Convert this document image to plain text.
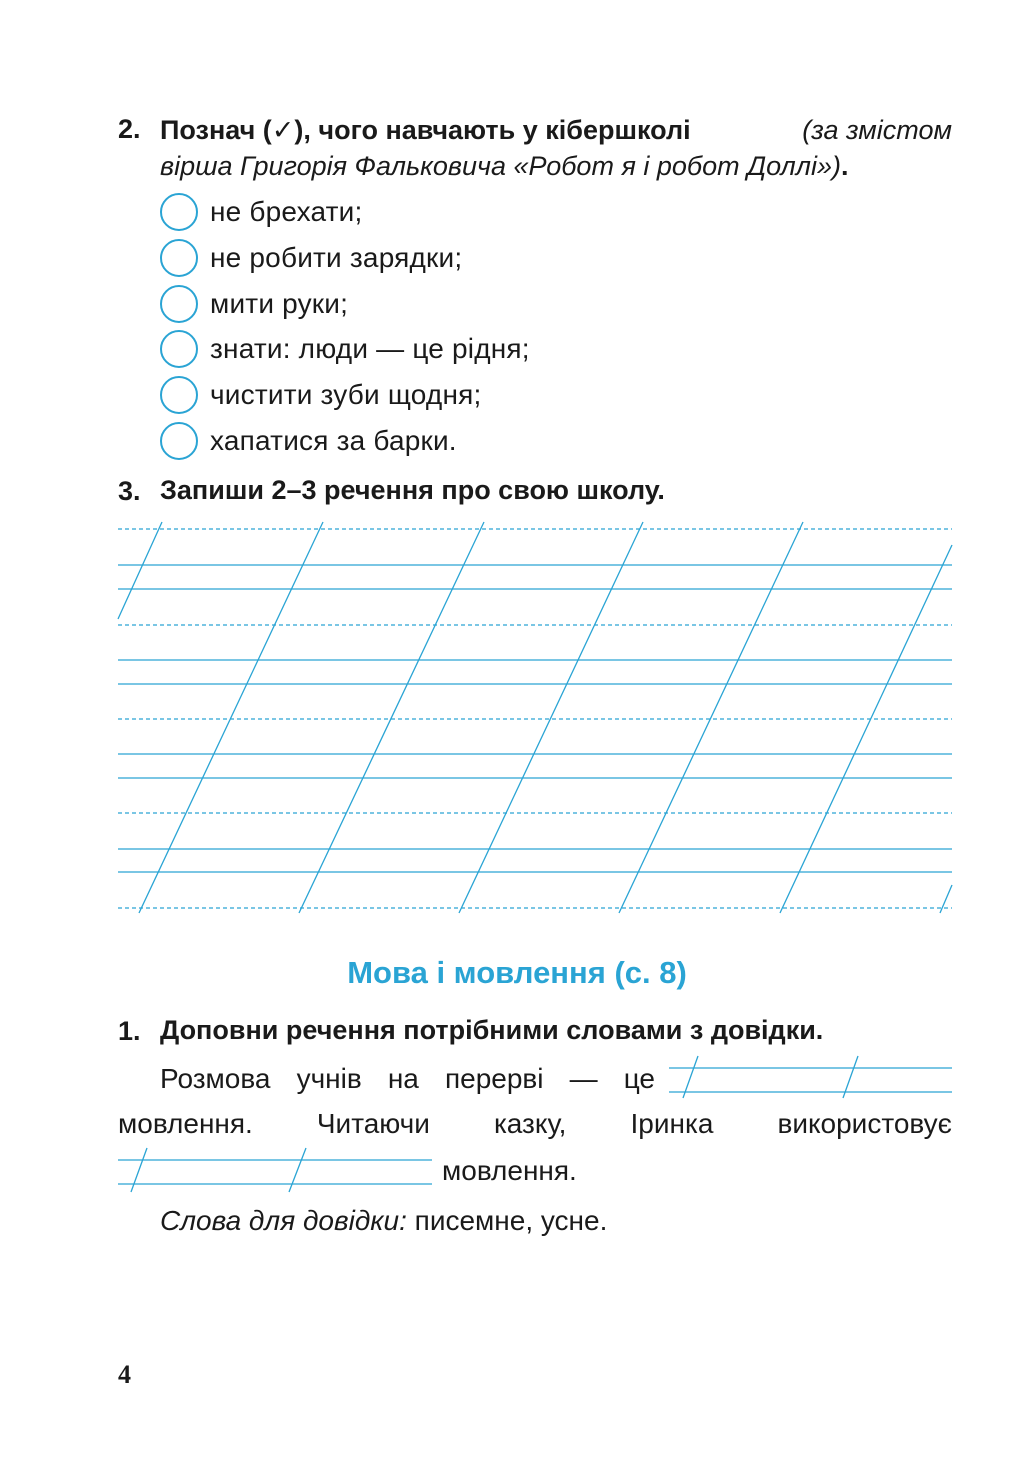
2. Познач (✓), чого навчають у кібершколі	(за змістом
вірша Григорія Фальковича «Робот я і робот Доллі»).
не брехати;
не робити зарядки;
мити руки;
знати: люди — це рідня;
чистити зуби щодня;
хапатися за барки.
3. Запиши 2–3 речення про свою школу.
Мова і мовлення (с. 8)
1. Доповни речення потрібними словами з довідки.
Розмова учнів на перерві — це
мовлення. Читаючи казку, Іринка використовує
мовлення.
Слова для довідки: писемне, усне.
4
